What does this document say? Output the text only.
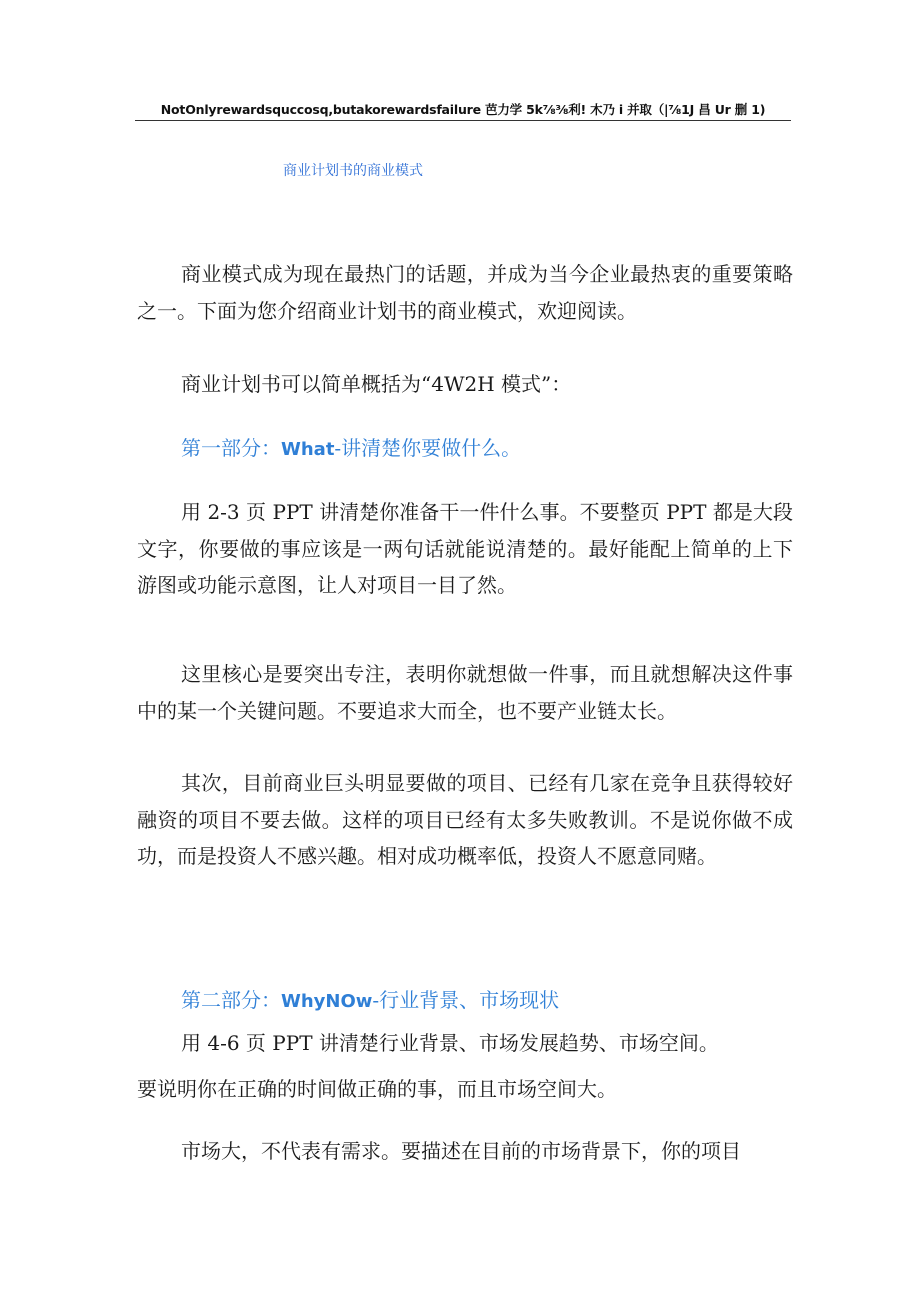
NotOnlyrewardsquccosq,butakorewardsfailure 芭力学 5k⅞⅜利! 木乃 i 并取（|⅞1J 昌 Ur 删 1)
商业计划书的商业模式

商业模式成为现在最热门的话题，并成为当今企业最热衷的重要策略之一。下面为您介绍商业计划书的商业模式，欢迎阅读。

商业计划书可以简单概括为“4W2H 模式”：

第一部分：What-讲清楚你要做什么。

用 2-3 页 PPT 讲清楚你准备干一件什么事。不要整页 PPT 都是大段文字，你要做的事应该是一两句话就能说清楚的。最好能配上简单的上下游图或功能示意图，让人对项目一目了然。

这里核心是要突出专注，表明你就想做一件事，而且就想解决这件事中的某一个关键问题。不要追求大而全，也不要产业链太长。

其次，目前商业巨头明显要做的项目、已经有几家在竞争且获得较好融资的项目不要去做。这样的项目已经有太多失败教训。不是说你做不成功，而是投资人不感兴趣。相对成功概率低，投资人不愿意同赌。

第二部分：WhyNOw-行业背景、市场现状

用 4-6 页 PPT 讲清楚行业背景、市场发展趋势、市场空间。

要说明你在正确的时间做正确的事，而且市场空间大。

市场大，不代表有需求。要描述在目前的市场背景下，你的项目
